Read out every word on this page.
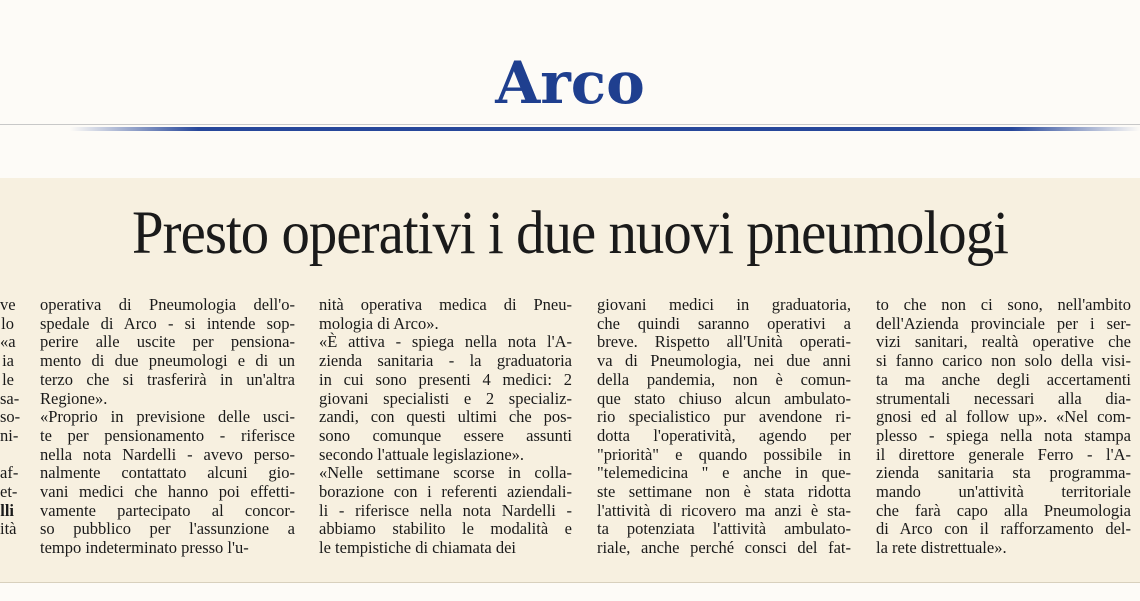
Arco
Presto operativi i due nuovi pneumologi
ve
lo
«a
ia
le
sa-
so-
ni-

af-
et-
lli
ità
operativa di Pneumologia dell'o-
spedale di Arco - si intende sop-
perire alle uscite per pensiona-
mento di due pneumologi e di un
terzo che si trasferirà in un'altra
Regione».
«Proprio in previsione delle usci-
te per pensionamento - riferisce
nella nota Nardelli - avevo perso-
nalmente contattato alcuni gio-
vani medici che hanno poi effetti-
vamente partecipato al concor-
so pubblico per l'assunzione a
tempo indeterminato presso l'u-
nità operativa medica di Pneu-
mologia di Arco».
«È attiva - spiega nella nota l'A-
zienda sanitaria - la graduatoria
in cui sono presenti 4 medici: 2
giovani specialisti e 2 specializ-
zandi, con questi ultimi che pos-
sono comunque essere assunti
secondo l'attuale legislazione».
«Nelle settimane scorse in colla-
borazione con i referenti aziendali-
li - riferisce nella nota Nardelli -
abbiamo stabilito le modalità e
le tempistiche di chiamata dei
giovani medici in graduatoria,
che quindi saranno operativi a
breve. Rispetto all'Unità operati-
va di Pneumologia, nei due anni
della pandemia, non è comun-
que stato chiuso alcun ambulato-
rio specialistico pur avendone ri-
dotta l'operatività, agendo per
"priorità" e quando possibile in
"telemedicina " e anche in que-
ste settimane non è stata ridotta
l'attività di ricovero ma anzi è sta-
ta potenziata l'attività ambulato-
riale, anche perché consci del fat-
to che non ci sono, nell'ambito
dell'Azienda provinciale per i ser-
vizi sanitari, realtà operative che
si fanno carico non solo della visi-
ta ma anche degli accertamenti
strumentali necessari alla dia-
gnosi ed al follow up». «Nel com-
plesso - spiega nella nota stampa
il direttore generale Ferro - l'A-
zienda sanitaria sta programma-
mando un'attività territoriale
che farà capo alla Pneumologia
di Arco con il rafforzamento del-
la rete distrettuale».
